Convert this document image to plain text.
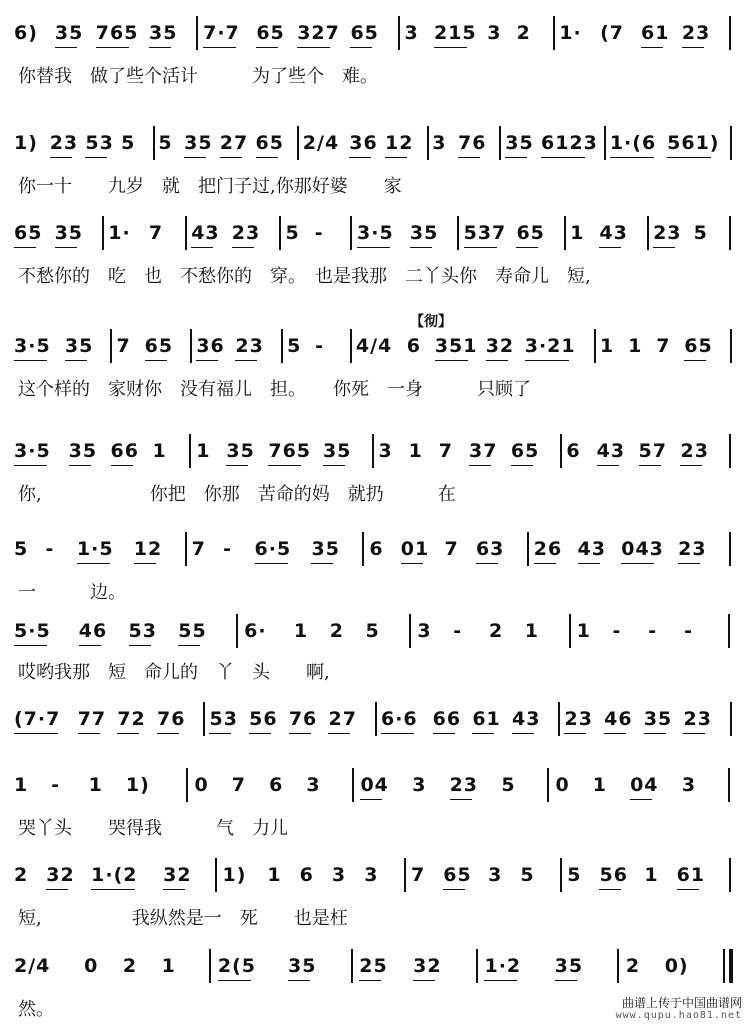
6) 35 765 35 7·7 65 327 65 3 215 3 2 1· (7 61 23
你替我　做了些个活计　　　为了些个　难。
1) 23 53 5 5 35 27 65 2/4 36 12 3 76 35 6123 1·(6 561)
你一十　　九岁　就　把门子过,你那好婆　　家
65 35 1· 7 43 23 5 - 3·5 35 537 65 1 43 23 5
不愁你的　吃　也　不愁你的　穿。　也是我那　二丫头你　寿命儿　短,
【彻】
3·5 35 7 65 36 23 5 - 4/4 6 351 32 3·21 1 1 7 65
这个样的　家财你　没有福儿　担。　　你死　一身　　　只顾了
3·5 35 66 1 1 35 765 35 3 1 7 37 65 6 43 57 23
你,　　　　　　你把　你那　苦命的妈　就扔　　　在
5 - 1·5 12 7 - 6·5 35 6 01 7 63 26 43 043 23
一　　　边。
5·5 46 53 55 6· 1 2 5 3 - 2 1 1 - - -
哎哟我那　短　命儿的　丫　头　　啊,
(7·7 77 72 76 53 56 76 27 6·6 66 61 43 23 46 35 23
1 - 1 1) 0 7 6 3 04 3 23 5 0 1 04 3
哭丫头　　哭得我　　　气　力儿
2 32 1·(2 32 1) 1 6 3 3 7 65 3 5 5 56 1 61
短,　　　　　我纵然是一　死　　也是枉
2/4 0 2 1 2(5 35 25 32 1·2 35 2 0)
然。	曲谱上传于中国曲谱网
www.qupu.hao81.net
